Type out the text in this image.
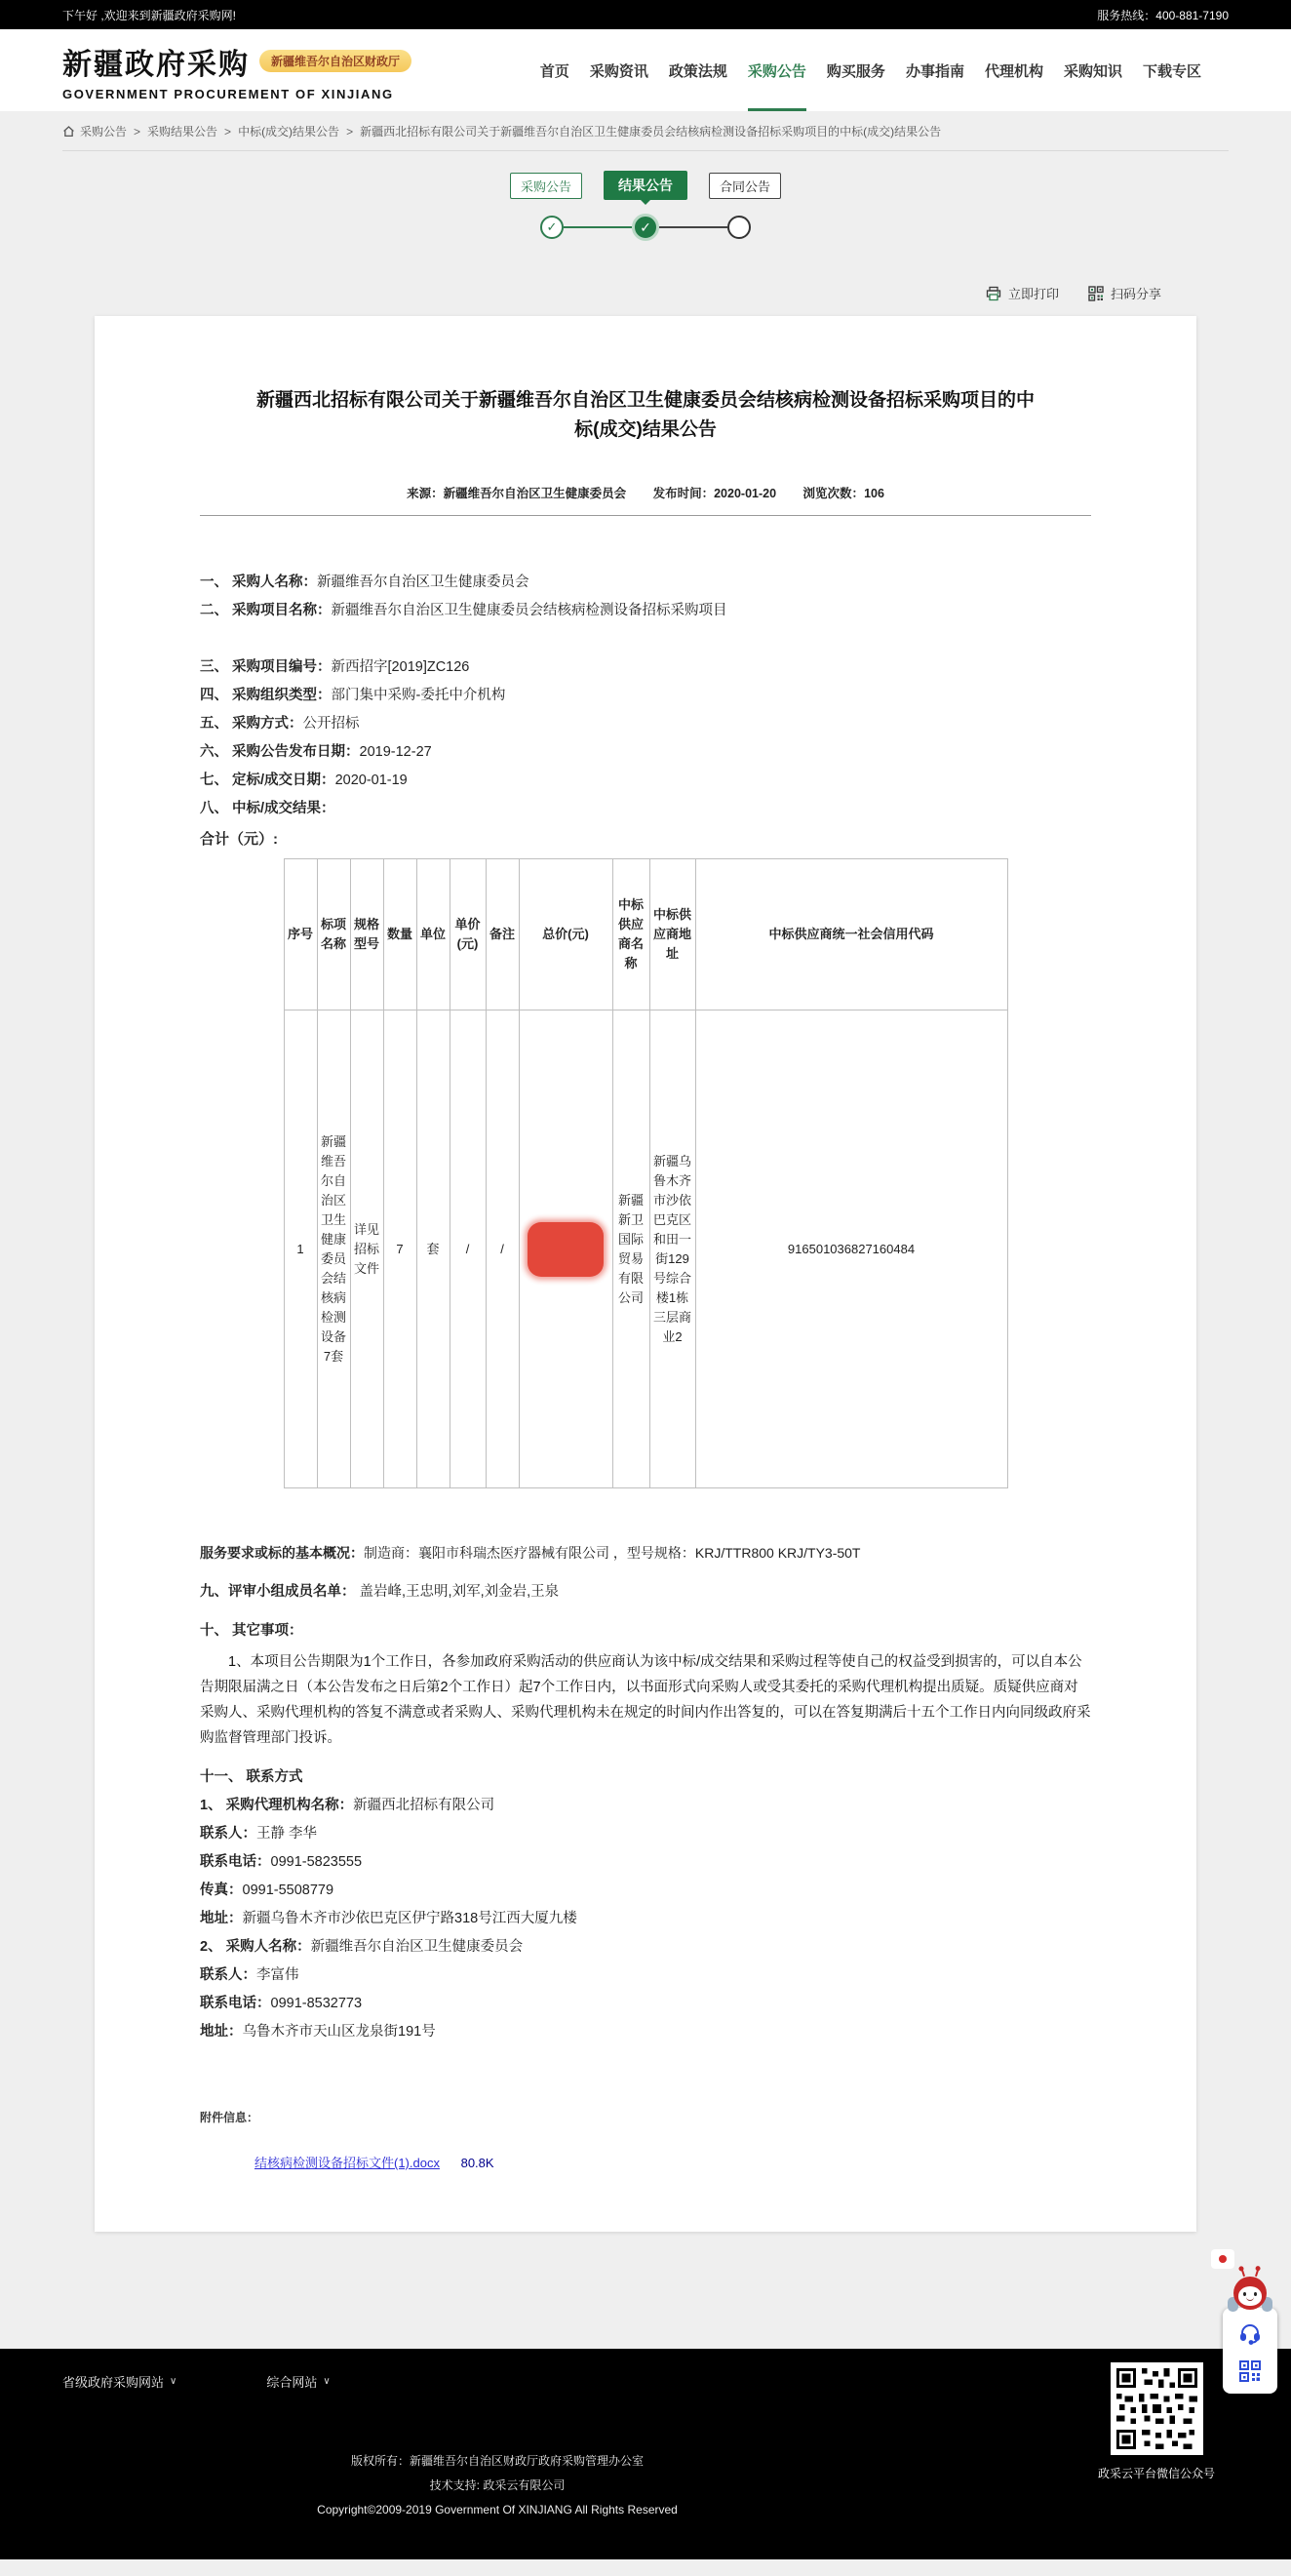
下午好 ,欢迎来到新疆政府采购网!	服务热线：400-881-7190
新疆政府采购	新疆维吾尔自治区财政厅
GOVERNMENT PROCUREMENT OF XINJIANG
首页 采购资讯 政策法规 采购公告 购买服务 办事指南 代理机构 采购知识 下载专区
采购公告 > 采购结果公告 > 中标(成交)结果公告 > 新疆西北招标有限公司关于新疆维吾尔自治区卫生健康委员会结核病检测设备招标采购项目的中标(成交)结果公告
采购公告	结果公告	合同公告
✓	✓
立即打印	扫码分享
新疆西北招标有限公司关于新疆维吾尔自治区卫生健康委员会结核病检测设备招标采购项目的中标(成交)结果公告
来源：新疆维吾尔自治区卫生健康委员会 发布时间：2020-01-20 浏览次数：106
一、 采购人名称：新疆维吾尔自治区卫生健康委员会
二、 采购项目名称：新疆维吾尔自治区卫生健康委员会结核病检测设备招标采购项目
三、 采购项目编号：新西招字[2019]ZC126
四、 采购组织类型：部门集中采购-委托中介机构
五、 采购方式：公开招标
六、 采购公告发布日期：2019-12-27
七、 定标/成交日期：2020-01-19
八、 中标/成交结果：
合计（元）:
序号	标项名称	规格型号	数量	单位	单价(元)	备注	总价(元)	中标供应商名称	中标供应商地址	中标供应商统一社会信用代码
1	新疆维吾尔自治区卫生健康委员会结核病检测设备7套	详见招标文件	7	套	/	/		新疆新卫国际贸易有限公司	新疆乌鲁木齐市沙依巴克区和田一街129号综合楼1栋三层商业2	916501036827160484

服务要求或标的基本概况：制造商：襄阳市科瑞杰医疗器械有限公司 ，型号规格：KRJ/TTR800 KRJ/TY3-50T

九、评审小组成员名单： 盖岩峰,王忠明,刘军,刘金岩,王泉

十、 其它事项：

1、本项目公告期限为1个工作日，各参加政府采购活动的供应商认为该中标/成交结果和采购过程等使自己的权益受到损害的，可以自本公告期限届满之日（本公告发布之日后第2个工作日）起7个工作日内，以书面形式向采购人或受其委托的采购代理机构提出质疑。质疑供应商对采购人、采购代理机构的答复不满意或者采购人、采购代理机构未在规定的时间内作出答复的，可以在答复期满后十五个工作日内向同级政府采购监督管理部门投诉。

十一、 联系方式

1、 采购代理机构名称：新疆西北招标有限公司

联系人：王静 李华

联系电话：0991-5823555

传真：0991-5508779

地址：新疆乌鲁木齐市沙依巴克区伊宁路318号江西大厦九楼

2、 采购人名称：新疆维吾尔自治区卫生健康委员会

联系人：李富伟

联系电话：0991-8532773

地址：乌鲁木齐市天山区龙泉街191号

附件信息：
结核病检测设备招标文件(1).docx 80.8K
省级政府采购网站 ∨	综合网站 ∨
版权所有：新疆维吾尔自治区财政厅政府采购管理办公室
技术支持: 政采云有限公司
Copyright©2009-2019 Government Of XINJIANG All Rights Reserved
政采云平台微信公众号
